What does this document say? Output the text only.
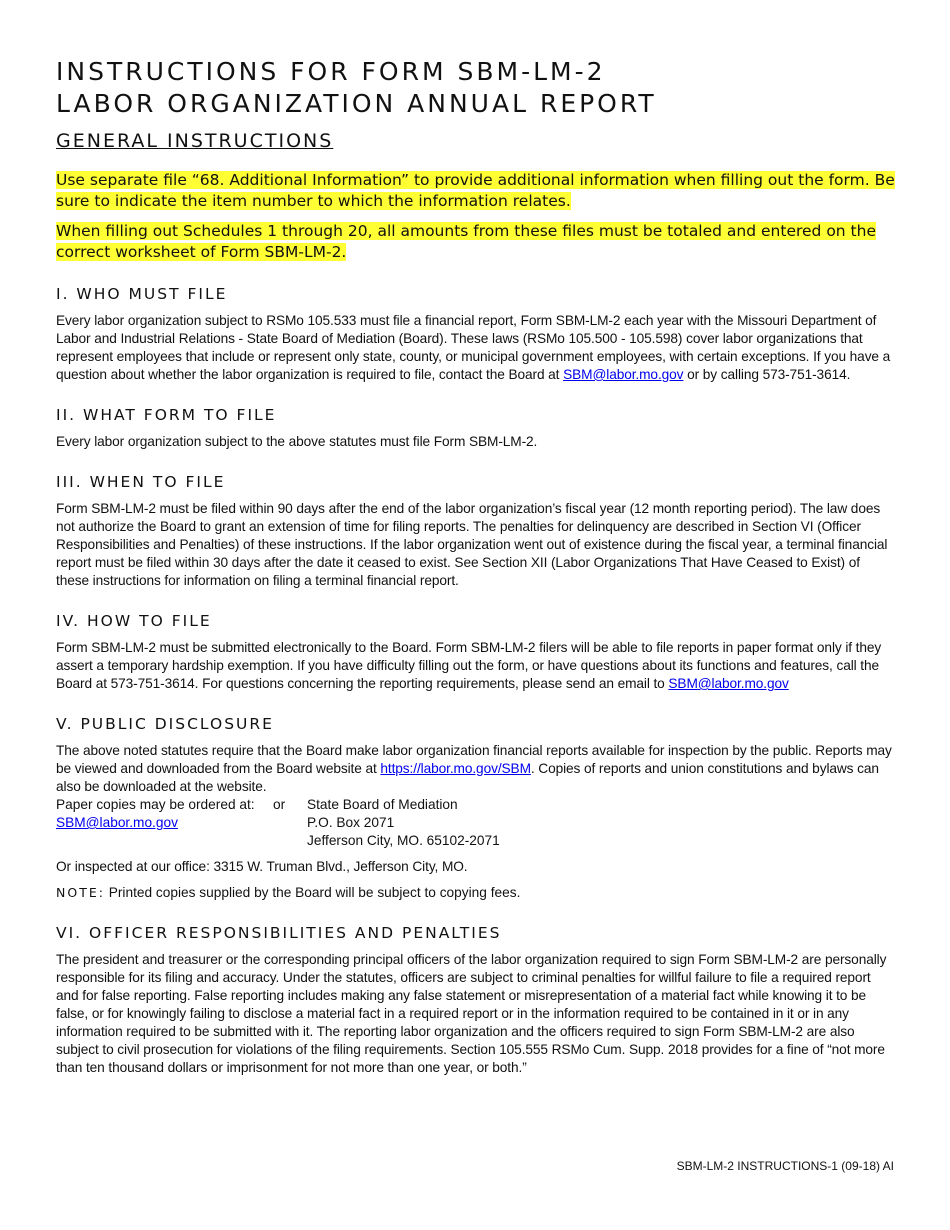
INSTRUCTIONS FOR FORM SBM-LM-2
LABOR ORGANIZATION ANNUAL REPORT
GENERAL INSTRUCTIONS

Use separate file “68. Additional Information” to provide additional information when filling out the form. Be sure to indicate the item number to which the information relates.

When filling out Schedules 1 through 20, all amounts from these files must be totaled and entered on the correct worksheet of Form SBM-LM-2.

I. WHO MUST FILE

Every labor organization subject to RSMo 105.533 must file a financial report, Form SBM-LM-2 each year with the Missouri Department of Labor and Industrial Relations - State Board of Mediation (Board). These laws (RSMo 105.500 - 105.598) cover labor organizations that represent employees that include or represent only state, county, or municipal government employees, with certain exceptions. If you have a question about whether the labor organization is required to file, contact the Board at SBM@labor.mo.gov or by calling 573-751-3614.

II. WHAT FORM TO FILE

Every labor organization subject to the above statutes must file Form SBM-LM-2.

III. WHEN TO FILE

Form SBM-LM-2 must be filed within 90 days after the end of the labor organization’s fiscal year (12 month reporting period). The law does not authorize the Board to grant an extension of time for filing reports. The penalties for delinquency are described in Section VI (Officer Responsibilities and Penalties) of these instructions. If the labor organization went out of existence during the fiscal year, a terminal financial report must be filed within 30 days after the date it ceased to exist. See Section XII (Labor Organizations That Have Ceased to Exist) of these instructions for information on filing a terminal financial report.

IV. HOW TO FILE

Form SBM-LM-2 must be submitted electronically to the Board. Form SBM-LM-2 filers will be able to file reports in paper format only if they assert a temporary hardship exemption. If you have difficulty filling out the form, or have questions about its functions and features, call the Board at 573-751-3614. For questions concerning the reporting requirements, please send an email to SBM@labor.mo.gov

V. PUBLIC DISCLOSURE

The above noted statutes require that the Board make labor organization financial reports available for inspection by the public. Reports may be viewed and downloaded from the Board website at https://labor.mo.gov/SBM. Copies of reports and union constitutions and bylaws can also be downloaded at the website.

Paper copies may be ordered at:  SBM@labor.mo.gov
or	State Board of Mediation
P.O. Box 2071
Jefferson City, MO. 65102-2071

Or inspected at our office: 3315 W. Truman Blvd., Jefferson City, MO.

NOTE: Printed copies supplied by the Board will be subject to copying fees.
VI. OFFICER RESPONSIBILITIES AND PENALTIES

The president and treasurer or the corresponding principal officers of the labor organization required to sign Form SBM-LM-2 are personally responsible for its filing and accuracy. Under the statutes, officers are subject to criminal penalties for willful failure to file a required report and for false reporting. False reporting includes making any false statement or misrepresentation of a material fact while knowing it to be false, or for knowingly failing to disclose a material fact in a required report or in the information required to be contained in it or in any information required to be submitted with it. The reporting labor organization and the officers required to sign Form SBM-LM-2 are also subject to civil prosecution for violations of the filing requirements. Section 105.555 RSMo Cum. Supp. 2018 provides for a fine of “not more than ten thousand dollars or imprisonment for not more than one year, or both.”

SBM-LM-2 INSTRUCTIONS-1 (09-18) AI
